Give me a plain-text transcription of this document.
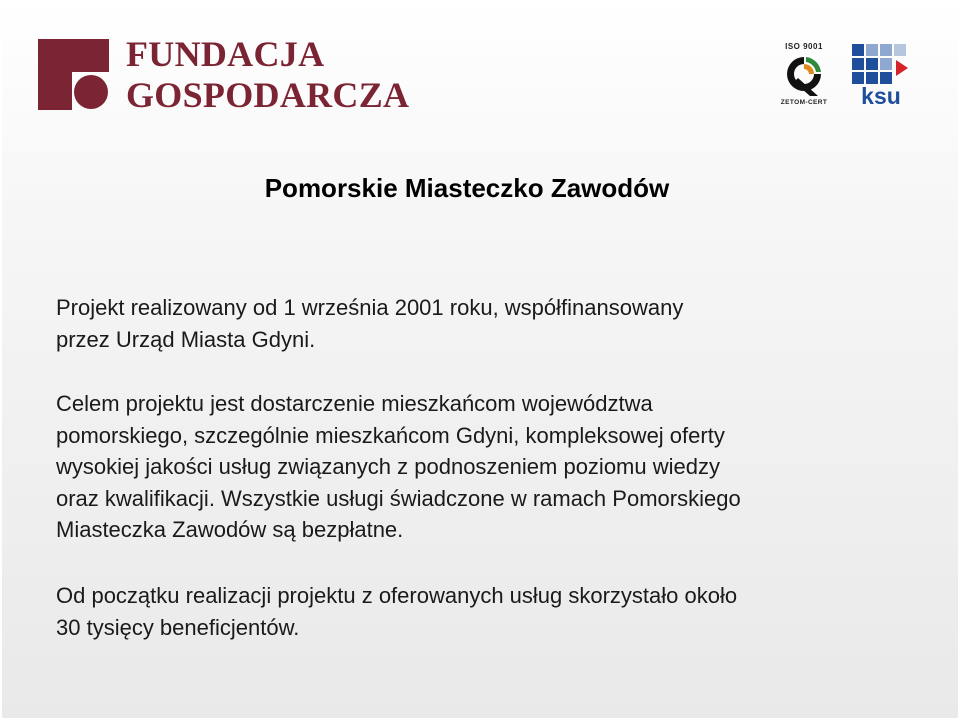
FUNDACJA
GOSPODARCZA
ISO 9001
ZETOM-CERT ksu
Pomorskie Miasteczko Zawodów

Projekt realizowany od 1 września 2001 roku, współfinansowany
przez Urząd Miasta Gdyni.

Celem projektu jest dostarczenie mieszkańcom województwa
pomorskiego, szczególnie mieszkańcom Gdyni, kompleksowej oferty
wysokiej jakości usług związanych z podnoszeniem poziomu wiedzy
oraz kwalifikacji. Wszystkie usługi świadczone w ramach Pomorskiego
Miasteczka Zawodów są bezpłatne.

Od początku realizacji projektu z oferowanych usług skorzystało około
30 tysięcy beneficjentów.
